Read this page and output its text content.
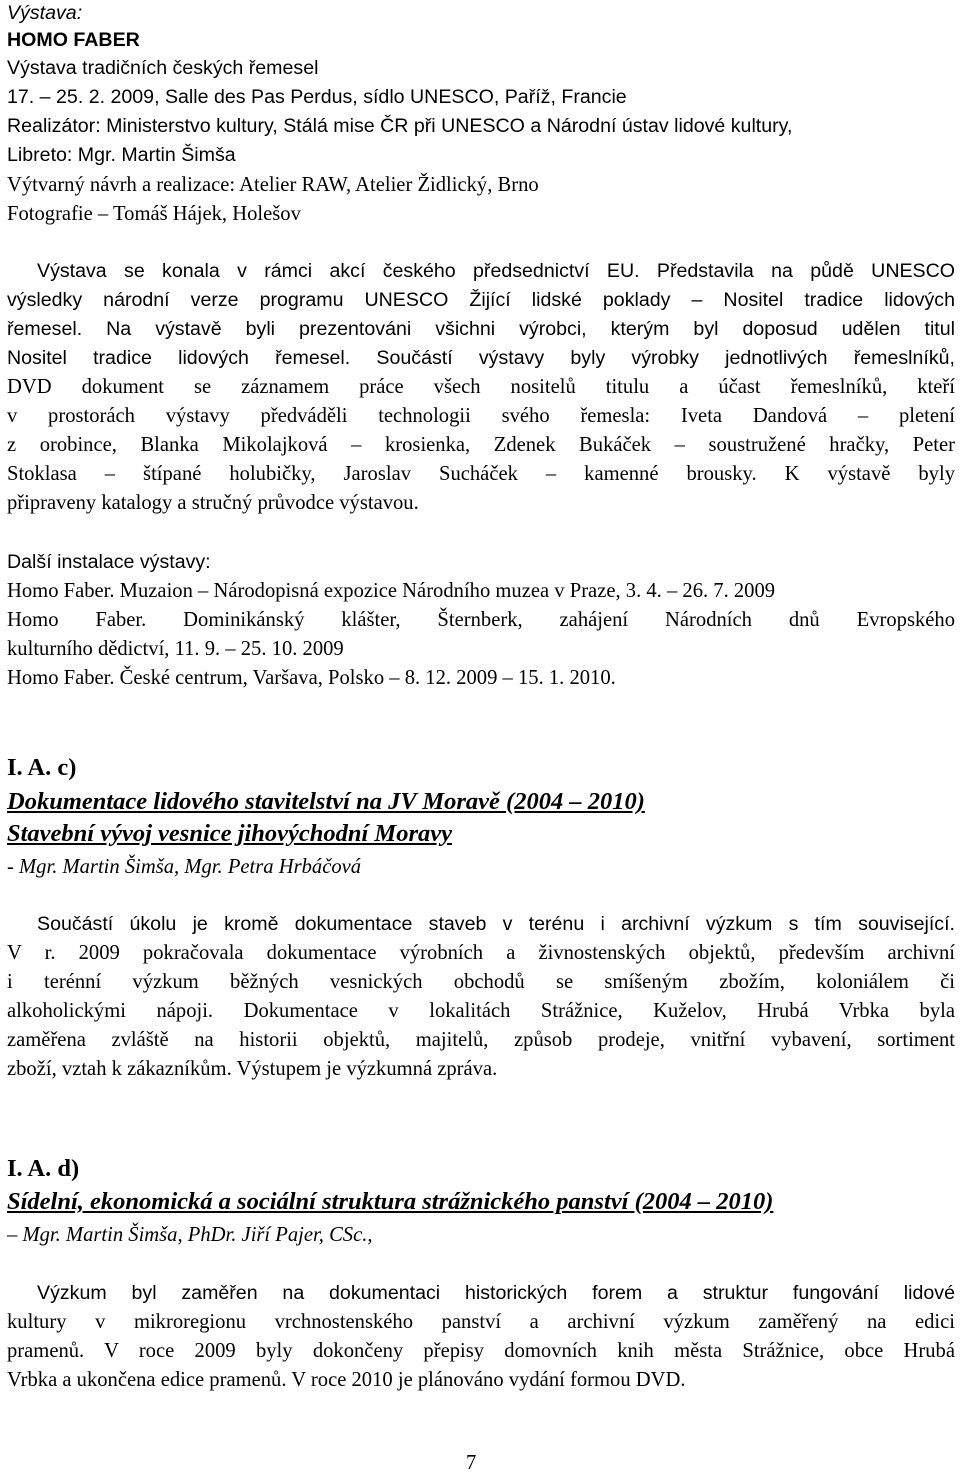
Výstava:
HOMO FABER
Výstava tradičních českých řemesel
17. – 25. 2. 2009, Salle des Pas Perdus, sídlo UNESCO, Paříž, Francie
Realizátor: Ministerstvo kultury, Stálá mise ČR při UNESCO a Národní ústav lidové kultury,
Libreto: Mgr. Martin Šimša
Výtvarný návrh a realizace: Atelier RAW, Atelier Židlický, Brno
Fotografie – Tomáš Hájek, Holešov
Výstava se konala v rámci akcí českého předsednictví EU. Představila na půdě UNESCO
výsledky národní verze programu UNESCO Žijící lidské poklady – Nositel tradice lidových
řemesel. Na výstavě byli prezentováni všichni výrobci, kterým byl doposud udělen titul
Nositel tradice lidových řemesel. Součástí výstavy byly výrobky jednotlivých řemeslníků,
DVD dokument se záznamem práce všech nositelů titulu a účast řemeslníků, kteří
v prostorách výstavy předváděli technologii svého řemesla: Iveta Dandová – pletení
z orobince, Blanka Mikolajková – krosienka, Zdenek Bukáček – soustružené hračky, Peter
Stoklasa – štípané holubičky, Jaroslav Sucháček – kamenné brousky. K výstavě byly
připraveny katalogy a stručný průvodce výstavou.
Další instalace výstavy:
Homo Faber. Muzaion – Národopisná expozice Národního muzea v Praze, 3. 4. – 26. 7. 2009
Homo Faber. Dominikánský klášter, Šternberk, zahájení Národních dnů Evropského
kulturního dědictví, 11. 9. – 25. 10. 2009
Homo Faber. České centrum, Varšava, Polsko – 8. 12. 2009 – 15. 1. 2010.
I. A. c)
Dokumentace lidového stavitelství na JV Moravě (2004 – 2010)
Stavební vývoj vesnice jihovýchodní Moravy
- Mgr. Martin Šimša, Mgr. Petra Hrbáčová
Součástí úkolu je kromě dokumentace staveb v terénu i archivní výzkum s tím související.
V r. 2009 pokračovala dokumentace výrobních a živnostenských objektů, především archivní
i terénní výzkum běžných vesnických obchodů se smíšeným zbožím, koloniálem či
alkoholickými nápoji. Dokumentace v lokalitách Strážnice, Kuželov, Hrubá Vrbka byla
zaměřena zvláště na historii objektů, majitelů, způsob prodeje, vnitřní vybavení, sortiment
zboží, vztah k zákazníkům. Výstupem je výzkumná zpráva.
I. A. d)
Sídelní, ekonomická a sociální struktura strážnického panství (2004 – 2010)
– Mgr. Martin Šimša, PhDr. Jiří Pajer, CSc.,
Výzkum byl zaměřen na dokumentaci historických forem a struktur fungování lidové
kultury v mikroregionu vrchnostenského panství a archivní výzkum zaměřený na edici
pramenů. V roce 2009 byly dokončeny přepisy domovních knih města Strážnice, obce Hrubá
Vrbka a ukončena edice pramenů. V roce 2010 je plánováno vydání formou DVD.
7
